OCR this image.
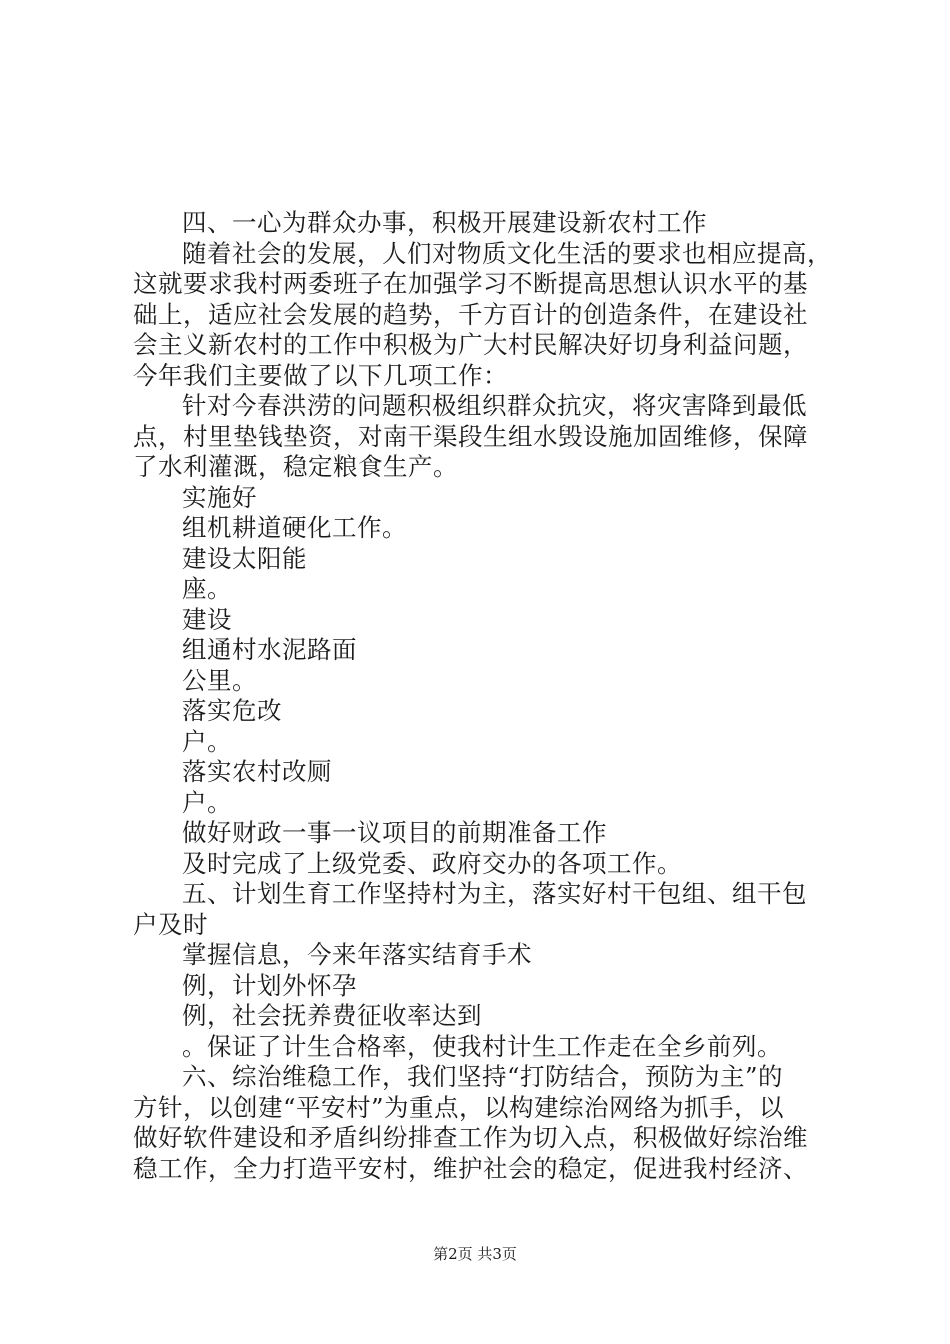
四、一心为群众办事，积极开展建设新农村工作
随着社会的发展，人们对物质文化生活的要求也相应提高，
这就要求我村两委班子在加强学习不断提高思想认识水平的基
础上，适应社会发展的趋势，千方百计的创造条件，在建设社
会主义新农村的工作中积极为广大村民解决好切身利益问题，
今年我们主要做了以下几项工作：
针对今春洪涝的问题积极组织群众抗灾，将灾害降到最低
点，村里垫钱垫资，对南干渠段生组水毁设施加固维修，保障
了水利灌溉，稳定粮食生产。
实施好
组机耕道硬化工作。
建设太阳能
座。
建设
组通村水泥路面
公里。
落实危改
户。
落实农村改厕
户。
做好财政一事一议项目的前期准备工作
及时完成了上级党委、政府交办的各项工作。
五、计划生育工作坚持村为主，落实好村干包组、组干包
户及时
掌握信息，今来年落实结育手术
例，计划外怀孕
例，社会抚养费征收率达到
。保证了计生合格率，使我村计生工作走在全乡前列。
六、综治维稳工作，我们坚持“打防结合，预防为主”的
方针，以创建“平安村”为重点，以构建综治网络为抓手，以
做好软件建设和矛盾纠纷排查工作为切入点，积极做好综治维
稳工作，全力打造平安村，维护社会的稳定，促进我村经济、
第2页 共3页
